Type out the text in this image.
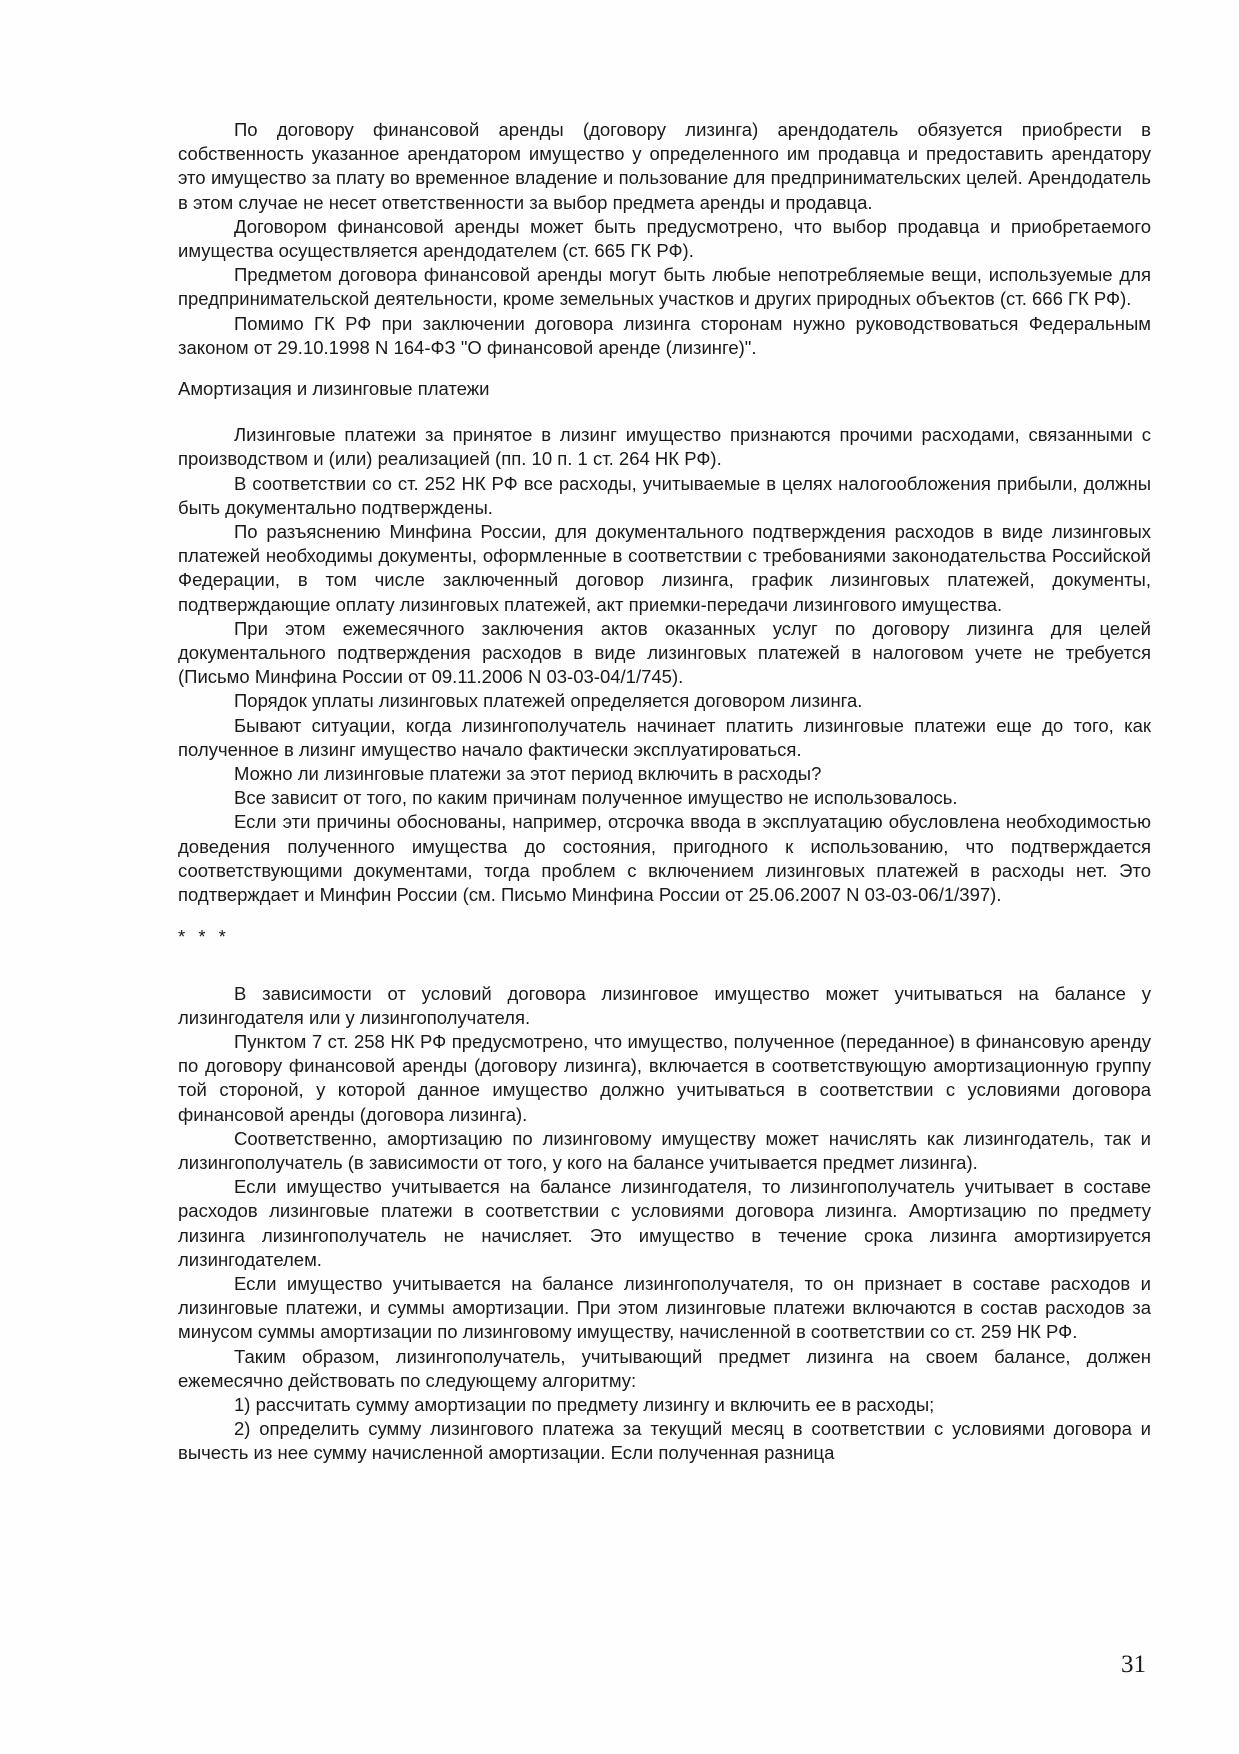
По договору финансовой аренды (договору лизинга) арендодатель обязуется приобрести в собственность указанное арендатором имущество у определенного им продавца и предоставить арендатору это имущество за плату во временное владение и пользование для предпринимательских целей. Арендодатель в этом случае не несет ответственности за выбор предмета аренды и продавца.

Договором финансовой аренды может быть предусмотрено, что выбор продавца и приобретаемого имущества осуществляется арендодателем (ст. 665 ГК РФ).

Предметом договора финансовой аренды могут быть любые непотребляемые вещи, используемые для предпринимательской деятельности, кроме земельных участков и других природных объектов (ст. 666 ГК РФ).

Помимо ГК РФ при заключении договора лизинга сторонам нужно руководствоваться Федеральным законом от 29.10.1998 N 164-ФЗ "О финансовой аренде (лизинге)".

Амортизация и лизинговые платежи

Лизинговые платежи за принятое в лизинг имущество признаются прочими расходами, связанными с производством и (или) реализацией (пп. 10 п. 1 ст. 264 НК РФ).

В соответствии со ст. 252 НК РФ все расходы, учитываемые в целях налогообложения прибыли, должны быть документально подтверждены.

По разъяснению Минфина России, для документального подтверждения расходов в виде лизинговых платежей необходимы документы, оформленные в соответствии с требованиями законодательства Российской Федерации, в том числе заключенный договор лизинга, график лизинговых платежей, документы, подтверждающие оплату лизинговых платежей, акт приемки-передачи лизингового имущества.

При этом ежемесячного заключения актов оказанных услуг по договору лизинга для целей документального подтверждения расходов в виде лизинговых платежей в налоговом учете не требуется (Письмо Минфина России от 09.11.2006 N 03-03-04/1/745).

Порядок уплаты лизинговых платежей определяется договором лизинга.

Бывают ситуации, когда лизингополучатель начинает платить лизинговые платежи еще до того, как полученное в лизинг имущество начало фактически эксплуатироваться.

Можно ли лизинговые платежи за этот период включить в расходы?

Все зависит от того, по каким причинам полученное имущество не использовалось.

Если эти причины обоснованы, например, отсрочка ввода в эксплуатацию обусловлена необходимостью доведения полученного имущества до состояния, пригодного к использованию, что подтверждается соответствующими документами, тогда проблем с включением лизинговых платежей в расходы нет. Это подтверждает и Минфин России (см. Письмо Минфина России от 25.06.2007 N 03-03-06/1/397).

* * *

В зависимости от условий договора лизинговое имущество может учитываться на балансе у лизингодателя или у лизингополучателя.

Пунктом 7 ст. 258 НК РФ предусмотрено, что имущество, полученное (переданное) в финансовую аренду по договору финансовой аренды (договору лизинга), включается в соответствующую амортизационную группу той стороной, у которой данное имущество должно учитываться в соответствии с условиями договора финансовой аренды (договора лизинга).

Соответственно, амортизацию по лизинговому имуществу может начислять как лизингодатель, так и лизингополучатель (в зависимости от того, у кого на балансе учитывается предмет лизинга).

Если имущество учитывается на балансе лизингодателя, то лизингополучатель учитывает в составе расходов лизинговые платежи в соответствии с условиями договора лизинга. Амортизацию по предмету лизинга лизингополучатель не начисляет. Это имущество в течение срока лизинга амортизируется лизингодателем.

Если имущество учитывается на балансе лизингополучателя, то он признает в составе расходов и лизинговые платежи, и суммы амортизации. При этом лизинговые платежи включаются в состав расходов за минусом суммы амортизации по лизинговому имуществу, начисленной в соответствии со ст. 259 НК РФ.

Таким образом, лизингополучатель, учитывающий предмет лизинга на своем балансе, должен ежемесячно действовать по следующему алгоритму:

1) рассчитать сумму амортизации по предмету лизингу и включить ее в расходы;

2) определить сумму лизингового платежа за текущий месяц в соответствии с условиями договора и вычесть из нее сумму начисленной амортизации. Если полученная разница

31
